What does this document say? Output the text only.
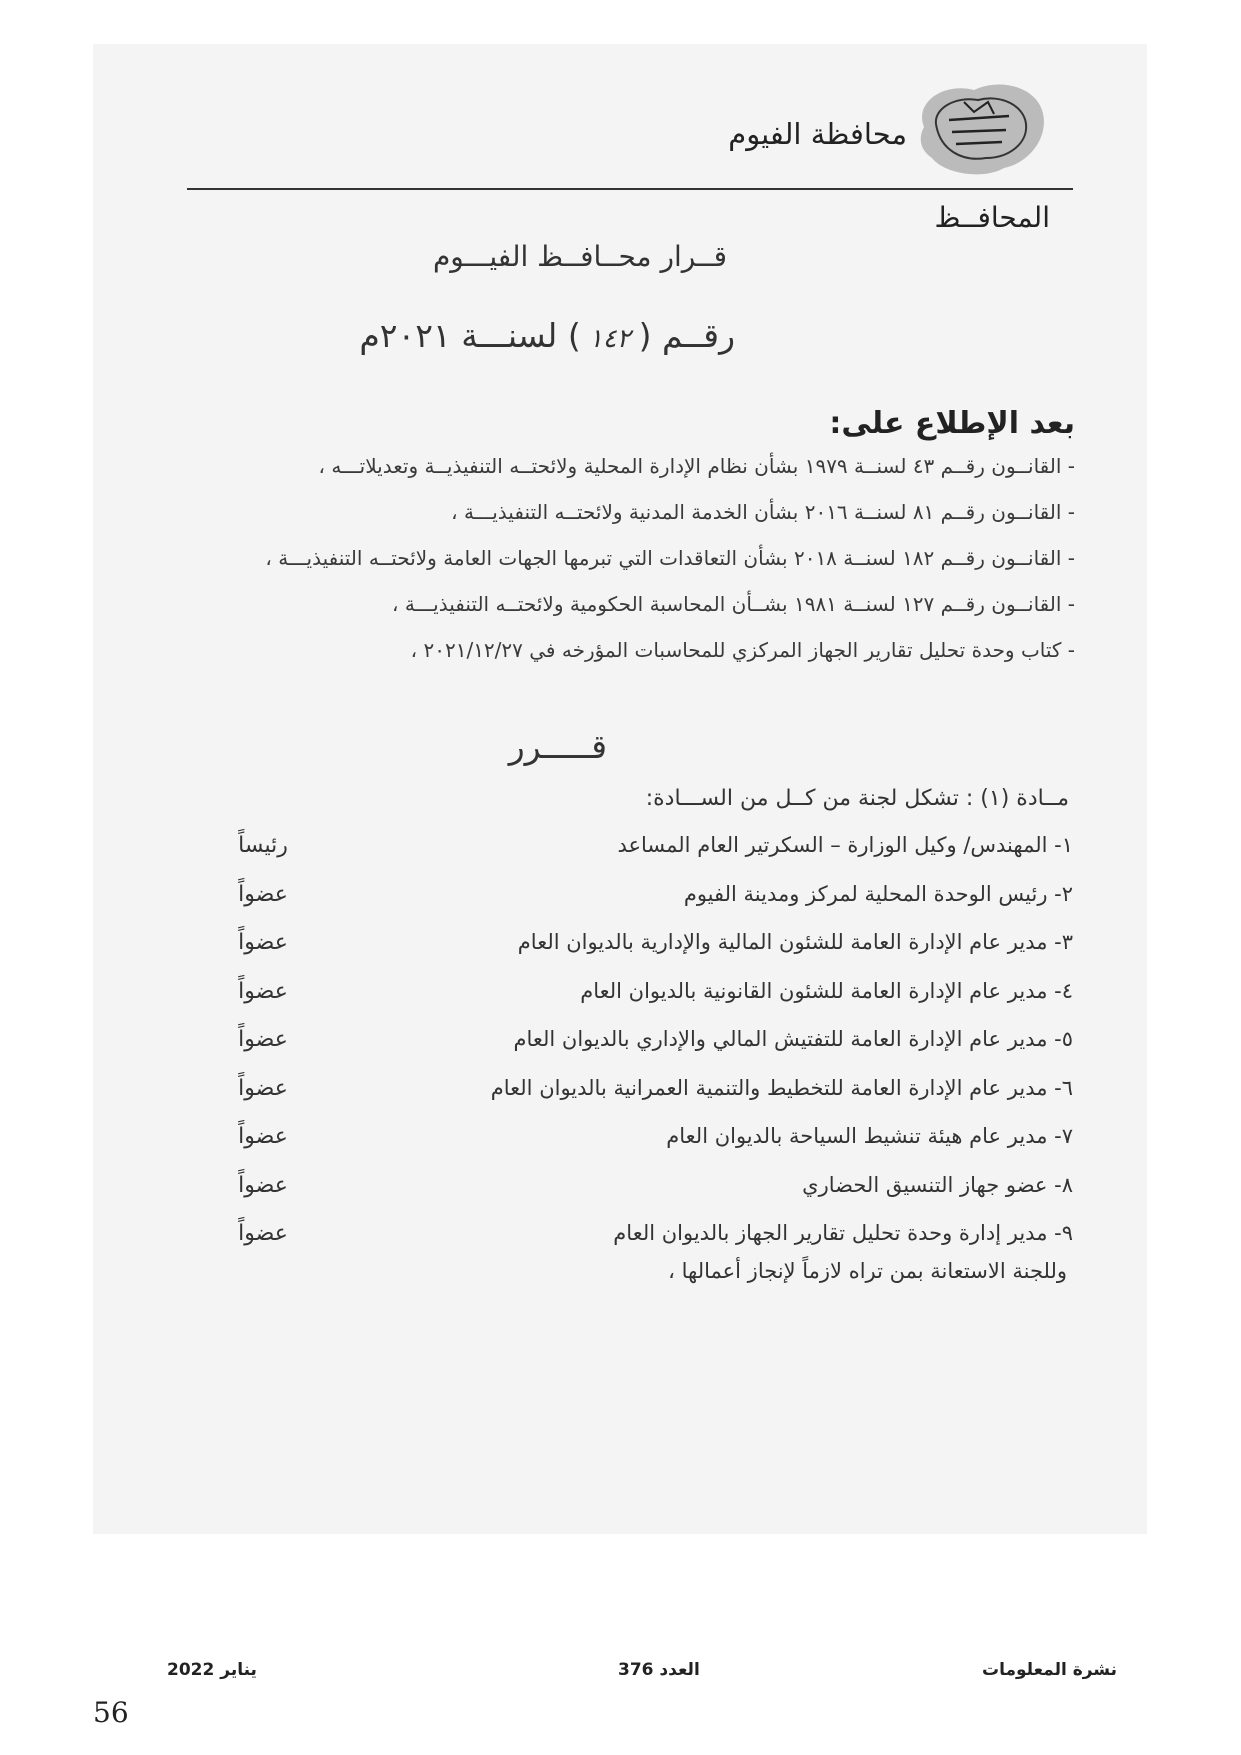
محافظة الفيوم
المحافــظ
قــرار محــافــظ الفيـــوم
رقــم (١٤٢) لسنـــة ٢٠٢١م
بعد الإطلاع على:
- القانــون رقــم ٤٣ لسنــة ١٩٧٩ بشأن نظام الإدارة المحلية ولائحتــه التنفيذيــة وتعديلاتـــه ،
- القانــون رقــم ٨١ لسنــة ٢٠١٦ بشأن الخدمة المدنية ولائحتــه التنفيذيـــة ،
- القانــون رقــم ١٨٢ لسنــة ٢٠١٨ بشأن التعاقدات التي تبرمها الجهات العامة ولائحتــه التنفيذيـــة ،
- القانــون رقــم ١٢٧ لسنــة ١٩٨١ بشــأن المحاسبة الحكومية ولائحتــه التنفيذيـــة ،
- كتاب وحدة تحليل تقارير الجهاز المركزي للمحاسبات المؤرخه في ٢٠٢١/١٢/٢٧ ،
قـــــرر
مــادة (١) : تشكل لجنة من كــل من الســـادة:
١- المهندس/ وكيل الوزارة – السكرتير العام المساعد
رئيساً
٢- رئيس الوحدة المحلية لمركز ومدينة الفيوم
عضواً
٣- مدير عام الإدارة العامة للشئون المالية والإدارية بالديوان العام
عضواً
٤- مدير عام الإدارة العامة للشئون القانونية بالديوان العام
عضواً
٥- مدير عام الإدارة العامة للتفتيش المالي والإداري بالديوان العام
عضواً
٦- مدير عام الإدارة العامة للتخطيط والتنمية العمرانية بالديوان العام
عضواً
٧- مدير عام هيئة تنشيط السياحة بالديوان العام
عضواً
٨- عضو جهاز التنسيق الحضاري
عضواً
٩- مدير إدارة وحدة تحليل تقارير الجهاز بالديوان العام
عضواً
وللجنة الاستعانة بمن تراه لازماً لإنجاز أعمالها ،
يناير 2022	العدد 376	نشرة المعلومات
56
